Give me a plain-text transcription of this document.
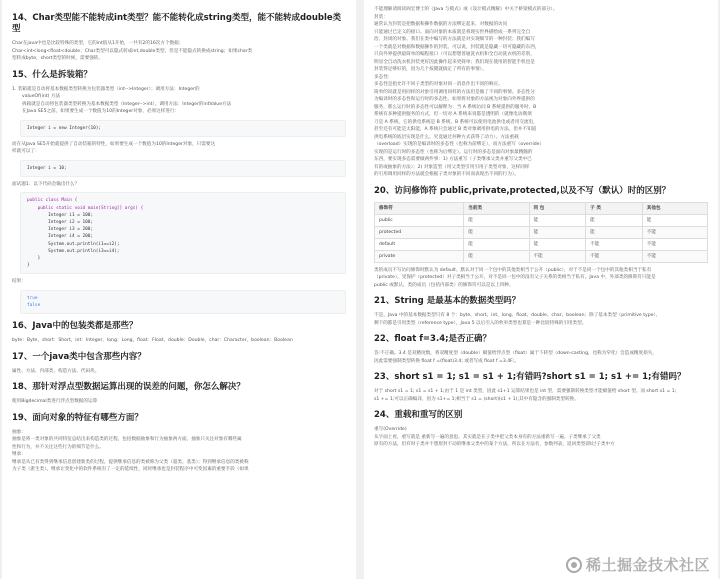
14、Char类型能不能转成int类型？能不能转化成string类型，能不能转成double类型

Char在java中也是比较特殊的类型，它的int值从1开始，一共有2的16次方个数据；

Char<int<long<float<double；Char类型可以隐式转成int,double类型，但是不能隐式转换成string；如果char类

型转成byte，short类型的时候，需要强转。

15、什么是拆装箱？

1. 装箱就是自动将基本数据类型转换为包装器类型（int-->Integer）；调用方法：Integer的

valueOf(int) 方法

拆箱就是自动将包装器类型转换为基本数据类型（Integer-->int）。调用方法：Integer的intValue方法

在Java SE5之前，如果要生成一个数值为10的Integer对象，必须这样进行：

Integer i = new Integer(10);

而在从Java SE5开始就提供了自动装箱的特性，如果要生成一个数值为10的Integer对象，只需要这

样就可以了：

Integer i = 10;

面试题1：以下代码会输出什么？

public class Main {
public static void main(String[] args) {
Integer i1 = 100;
Integer i2 = 100;
Integer i3 = 200;
Integer i4 = 200;
System.out.println(i1==i2);
System.out.println(i3==i4);
}
}

结果：

true
false
16、Java中的包装类都是那些？

byte：Byte，short：Short，int：Integer，long：Long，float：Float，double：Double，char：Character，boolean：Boolean

17、一个java类中包含那些内容？

属性、方法、内部类、构造方法、代码块。

18、那针对浮点型数据运算出现的误差的问题，你怎么解决？

使用Bigdecimal类进行浮点型数据的运算

19、面向对象的特征有哪些方面？

抽象：

抽象是将一类对象的共同特征总结出来构造类的过程，包括数据抽象和行为抽象两方面。抽象只关注对象有哪些属

性和行为，并不关注这些行为的细节是什么。

继承：

继承是从已有类得到继承信息创建新类的过程。提供继承信息的类被称为父类（超类、基类）；得到继承信息的类被称

为子类（派生类）。继承让变化中的软件系统有了一定的延续性，同时继承也是封装程序中可变因素的重要手段（如果

不能理解请阅读阎宏博士的《Java 与模式》或《设计模式精解》中关于桥梁模式的部分）。

封装：

通常认为封装是把数据和操作数据的方法绑定起来，对数据的访问

只能通过已定义的接口。面向对象的本质就是将现实世界描绘成一系列完全自

治、封闭的对象。我们在类中编写的方法就是对实现细节的一种封装；我们编写

一个类就是对数据和数据操作的封装。可以说，封装就是隐藏一切可隐藏的东西，

只向外界提供最简单的编程接口（可以想想普通洗衣机和全自动洗衣机的差别，

明显全自动洗衣机封装更好因此操作起来更简单；我们现在使用的智能手机也是

封装得足够好的，因为几个按键就搞定了所有的事情）。

多态性：

多态性是指允许不同子类型的对象对同一消息作出不同的响应。

简单的说就是用同样的对象引用调用同样的方法但是做了不同的事情。多态性分

为编译时的多态性和运行时的多态性。如果将对象的方法视为对象向外界提供的

服务，那么运行时的多态性可以解释为：当 A 系统访问 B 系统提供的服务时，B

系统有多种提供服务的方式，但一切对 A 系统来说都是透明的（就像电动剃须

刀是 A 系统，它的供电系统是 B 系统，B 系统可以使用电池供电或者用交流电，

甚至还有可能是太阳能，A 系统只会通过 B 类对象调用供电的方法，但并不知道

供电系统的底层实现是什么，究竟通过何种方式获得了动力）。方法重载

（overload）实现的是编译时的多态性（也称为前绑定），而方法重写（override）

实现的是运行时的多态性（也称为后绑定）。运行时的多态是面向对象最精髓的

东西，要实现多态需要做两件事：1) 方法重写（子类继承父类并重写父类中已

有的或抽象的方法）；2) 对象造型（用父类型引用引用子类型对象，这样同样

的引用调用同样的方法就会根据子类对象的不同而表现出不同的行为）。

20、访问修饰符 public,private,protected,以及不写（默认）时的区别？
修饰符	当前类	同 包	子 类	其他包
public	能	能	能	能
protected	能	能	能	不能
default	能	能	不能	不能
private	能	不能	不能	不能

类的成员不写访问修饰时默认为 default。默认对于同一个包中的其他类相当于公开（public），对于不是同一个包中的其他类相当于私有

（private）。受保护（protected）对子类相当于公开，对不是同一包中的没有父子关系的类相当于私有。Java 中，外部类的修饰符只能是

public 或默认，类的成员（包括内部类）的修饰符可以是以上四种。

21、String 是最基本的数据类型吗？

不是。Java 中的基本数据类型只有 8 个：byte、short、int、long、float、double、char、boolean；除了基本类型（primitive type），

剩下的都是引用类型（reference type），Java 5 以后引入的枚举类型也算是一种比较特殊的引用类型。

22、float f=3.4;是否正确？

答:不正确。3.4 是双精度数，将双精度型（double）赋值给浮点型（float）属于下转型（down-casting，也称为窄化）会造成精度损失，

因此需要强制类型转换 float f =(float)3.4; 或者写成 float f =3.4F;。

23、short s1 = 1; s1 = s1 + 1;有错吗?short s1 = 1; s1 += 1;有错吗？

对于 short s1 = 1; s1 = s1 + 1;由于 1 是 int 类型，因此 s1+1 运算结果也是 int 型，需要强制转换类型才能赋值给 short 型。而 short s1 = 1;

s1 += 1;可以正确编译，因为 s1+= 1;相当于 s1 = (short)(s1 + 1);其中有隐含的强制类型转换。

24、重载和重写的区别

重写(Override)

从字面上看，重写就是 重新写一遍的意思。其实就是在子类中把父类本身有的方法重新写一遍。子类继承了父类

原有的方法，但有时子类并不想原封不动的继承父类中的某个方法，所以在方法名，参数列表，返回类型(除过子类中方

稀土掘金技术社区
